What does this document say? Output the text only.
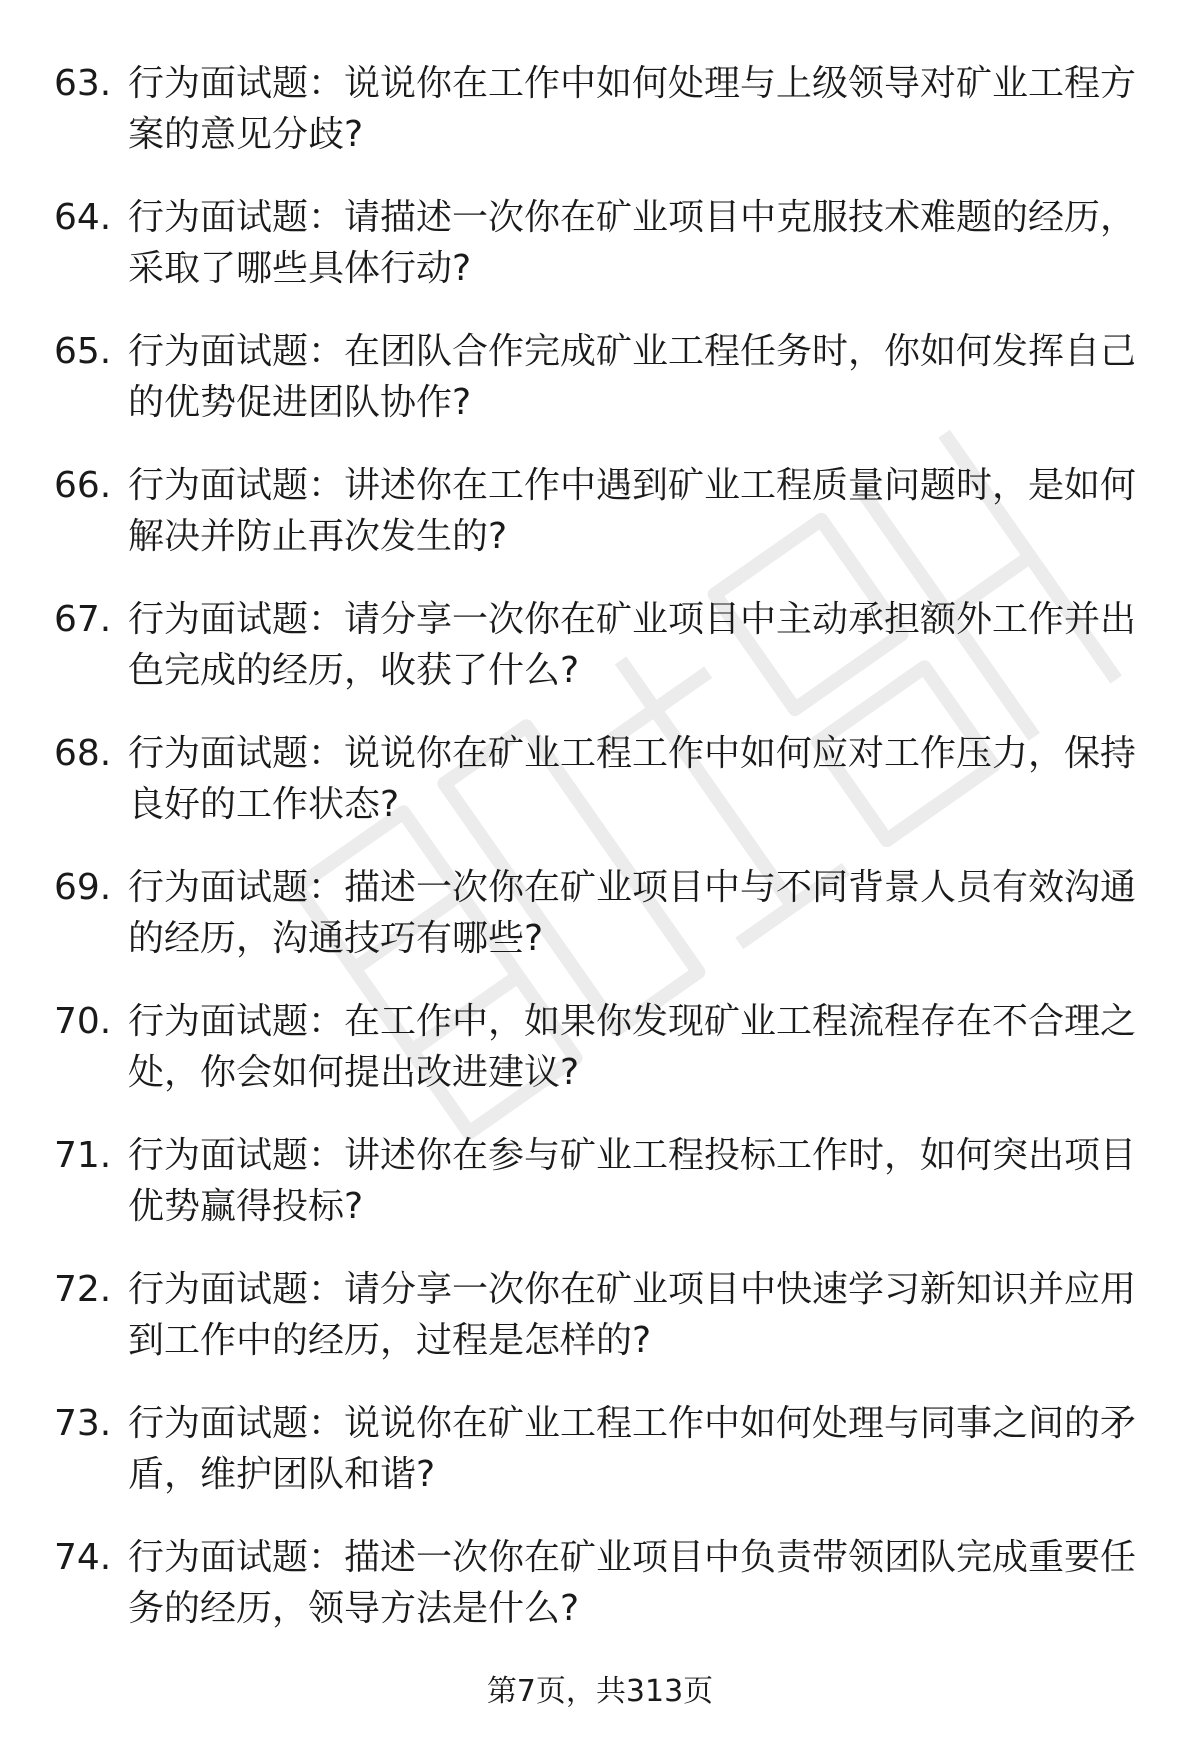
63. 行为面试题：说说你在工作中如何处理与上级领导对矿业工程方案的意见分歧?
64. 行为面试题：请描述一次你在矿业项目中克服技术难题的经历，采取了哪些具体行动?
65. 行为面试题：在团队合作完成矿业工程任务时，你如何发挥自己的优势促进团队协作?
66. 行为面试题：讲述你在工作中遇到矿业工程质量问题时，是如何解决并防止再次发生的?
67. 行为面试题：请分享一次你在矿业项目中主动承担额外工作并出色完成的经历，收获了什么?
68. 行为面试题：说说你在矿业工程工作中如何应对工作压力，保持良好的工作状态?
69. 行为面试题：描述一次你在矿业项目中与不同背景人员有效沟通的经历，沟通技巧有哪些?
70. 行为面试题：在工作中，如果你发现矿业工程流程存在不合理之处，你会如何提出改进建议?
71. 行为面试题：讲述你在参与矿业工程投标工作时，如何突出项目优势赢得投标?
72. 行为面试题：请分享一次你在矿业项目中快速学习新知识并应用到工作中的经历，过程是怎样的?
73. 行为面试题：说说你在矿业工程工作中如何处理与同事之间的矛盾，维护团队和谐?
74. 行为面试题：描述一次你在矿业项目中负责带领团队完成重要任务的经历，领导方法是什么?
第7页，共313页
